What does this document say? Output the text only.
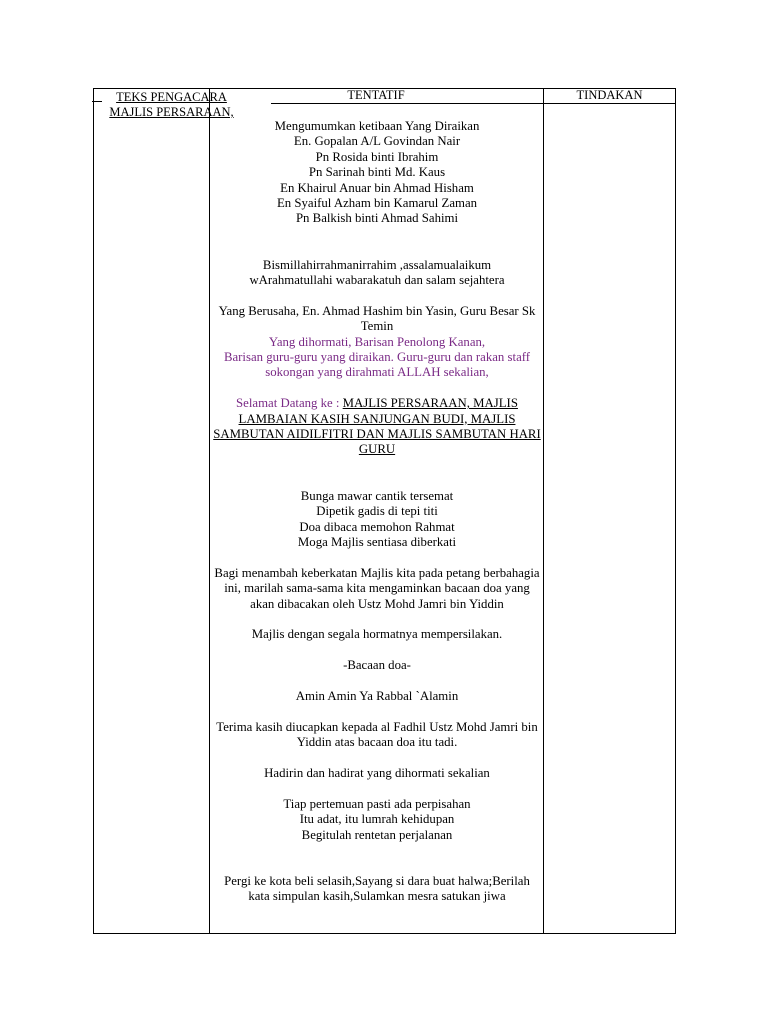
TEKS PENGACARA
MAJLIS PERSARAAN,
TENTATIF	TINDAKAN

Mengumumkan ketibaan Yang Diraikan

En. Gopalan A/L Govindan Nair

Pn Rosida binti Ibrahim

Pn Sarinah binti Md. Kaus

En Khairul Anuar bin Ahmad Hisham

En Syaiful Azham bin Kamarul Zaman

Pn Balkish binti Ahmad Sahimi

Bismillahirrahmanirrahim ,assalamualaikum

wArahmatullahi wabarakatuh dan salam sejahtera

Yang Berusaha, En. Ahmad Hashim bin Yasin, Guru Besar Sk Temin

Yang dihormati, Barisan Penolong Kanan,

Barisan guru-guru yang diraikan. Guru-guru dan rakan staff sokongan yang dirahmati ALLAH sekalian,

Selamat Datang ke : MAJLIS PERSARAAN, MAJLIS LAMBAIAN KASIH SANJUNGAN BUDI, MAJLIS SAMBUTAN AIDILFITRI DAN MAJLIS SAMBUTAN HARI GURU

Bunga mawar cantik tersemat

Dipetik gadis di tepi titi

Doa dibaca memohon Rahmat

Moga Majlis sentiasa diberkati

Bagi menambah keberkatan Majlis kita pada petang berbahagia ini, marilah sama-sama kita mengaminkan bacaan doa yang akan dibacakan oleh Ustz Mohd Jamri bin Yiddin

Majlis dengan segala hormatnya mempersilakan.

-Bacaan doa-

Amin Amin Ya Rabbal `Alamin

Terima kasih diucapkan kepada al Fadhil Ustz Mohd Jamri bin Yiddin atas bacaan doa itu tadi.

Hadirin dan hadirat yang dihormati sekalian

Tiap pertemuan pasti ada perpisahan

Itu adat, itu lumrah kehidupan

Begitulah rentetan perjalanan

Pergi ke kota beli selasih,Sayang si dara buat halwa;Berilah kata simpulan kasih,Sulamkan mesra satukan jiwa
